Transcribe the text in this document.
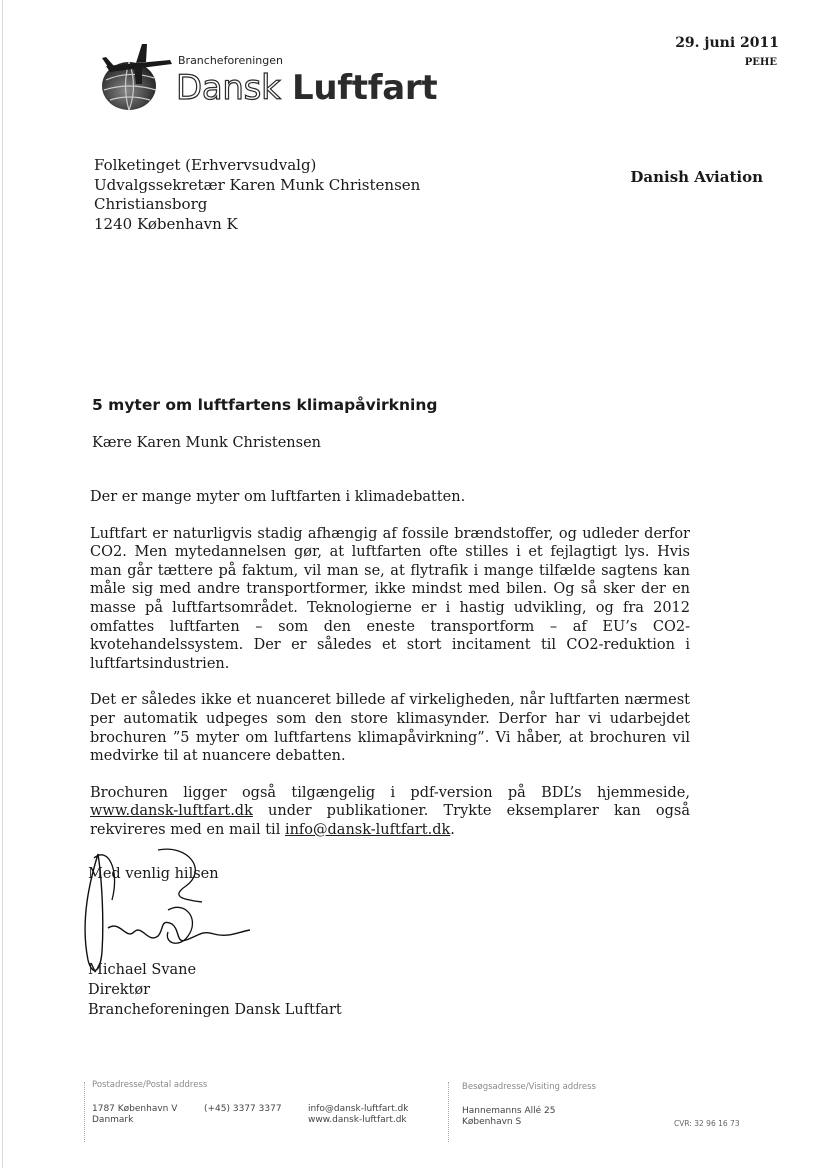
Brancheforeningen
Dansk Luftfart
29. juni 2011
PEHE
Folketinget (Erhvervsudvalg)
Udvalgssekretær Karen Munk Christensen
Christiansborg
1240 København K
Danish Aviation
5 myter om luftfartens klimapåvirkning
Kære Karen Munk Christensen

Der er mange myter om luftfarten i klimadebatten.

Luftfart er naturligvis stadig afhængig af fossile brændstoffer, og udleder derfor CO2. Men mytedannelsen gør, at luftfarten ofte stilles i et fejlagtigt lys. Hvis man går tættere på faktum, vil man se, at flytrafik i mange tilfælde sagtens kan måle sig med andre transportformer, ikke mindst med bilen. Og så sker der en masse på luftfartsområdet. Teknologierne er i hastig udvikling, og fra 2012 omfattes luftfarten – som den eneste transportform – af EU’s CO2-kvotehandelssystem. Der er således et stort incitament til CO2-reduktion i luftfartsindustrien.

Det er således ikke et nuanceret billede af virkeligheden, når luftfarten nærmest per automatik udpeges som den store klimasynder. Derfor har vi udarbejdet brochuren ”5 myter om luftfartens klimapåvirkning”. Vi håber, at brochuren vil medvirke til at nuancere debatten.

Brochuren ligger også tilgængelig i pdf-version på BDL’s hjemmeside, www.dansk-luftfart.dk under publikationer. Trykte eksemplarer kan også rekvireres med en mail til info@dansk-luftfart.dk.

Med venlig hilsen
Michael Svane
Direktør
Brancheforeningen Dansk Luftfart
Postadresse/Postal address
1787 København V
Danmark
(+45) 3377 3377	info@dansk-luftfart.dk
www.dansk-luftfart.dk
Besøgsadresse/Visiting address
Hannemanns Allé 25
København S	CVR: 32 96 16 73
